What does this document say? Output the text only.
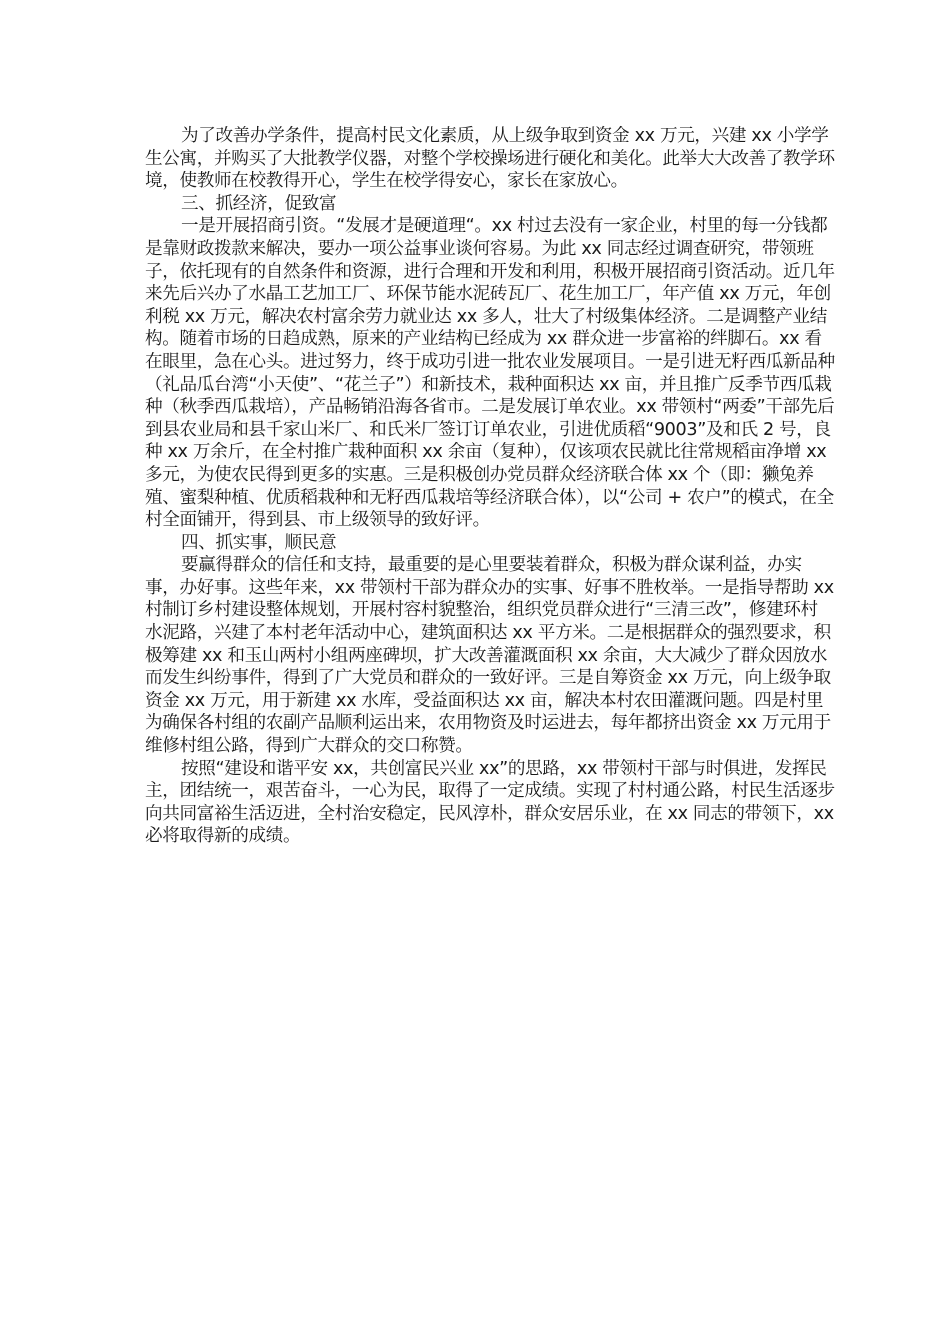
为了改善办学条件，提高村民文化素质，从上级争取到资金 xx 万元，兴建 xx 小学学生公寓，并购买了大批教学仪器，对整个学校操场进行硬化和美化。此举大大改善了教学环境，使教师在校教得开心，学生在校学得安心，家长在家放心。

三、抓经济，促致富

一是开展招商引资。“发展才是硬道理“。xx 村过去没有一家企业，村里的每一分钱都是靠财政拨款来解决，要办一项公益事业谈何容易。为此 xx 同志经过调查研究，带领班子，依托现有的自然条件和资源，进行合理和开发和利用，积极开展招商引资活动。近几年来先后兴办了水晶工艺加工厂、环保节能水泥砖瓦厂、花生加工厂，年产值 xx 万元，年创利税 xx 万元，解决农村富余劳力就业达 xx 多人，壮大了村级集体经济。二是调整产业结构。随着市场的日趋成熟，原来的产业结构已经成为 xx 群众进一步富裕的绊脚石。xx 看在眼里，急在心头。进过努力，终于成功引进一批农业发展项目。一是引进无籽西瓜新品种（礼品瓜台湾“小天使”、“花兰子”）和新技术，栽种面积达 xx 亩，并且推广反季节西瓜栽种（秋季西瓜栽培），产品畅销沿海各省市。二是发展订单农业。xx 带领村“两委”干部先后到县农业局和县千家山米厂、和氏米厂签订订单农业，引进优质稻“9003”及和氏 2 号，良种 xx 万余斤，在全村推广栽种面积 xx 余亩（复种），仅该项农民就比往常规稻亩净增 xx 多元，为使农民得到更多的实惠。三是积极创办党员群众经济联合体 xx 个（即：獭兔养殖、蜜梨种植、优质稻栽种和无籽西瓜栽培等经济联合体），以“公司 + 农户”的模式，在全村全面铺开，得到县、市上级领导的致好评。

四、抓实事，顺民意

要赢得群众的信任和支持，最重要的是心里要装着群众，积极为群众谋利益，办实事，办好事。这些年来，xx 带领村干部为群众办的实事、好事不胜枚举。一是指导帮助 xx 村制订乡村建设整体规划，开展村容村貌整治，组织党员群众进行“三清三改”，修建环村水泥路，兴建了本村老年活动中心，建筑面积达 xx 平方米。二是根据群众的强烈要求，积极筹建 xx 和玉山两村小组两座碑坝，扩大改善灌溉面积 xx 余亩，大大减少了群众因放水而发生纠纷事件，得到了广大党员和群众的一致好评。三是自筹资金 xx 万元，向上级争取资金 xx 万元，用于新建 xx 水库，受益面积达 xx 亩，解决本村农田灌溉问题。四是村里为确保各村组的农副产品顺利运出来，农用物资及时运进去，每年都挤出资金 xx 万元用于维修村组公路，得到广大群众的交口称赞。

按照“建设和谐平安 xx，共创富民兴业 xx”的思路，xx 带领村干部与时俱进，发挥民主，团结统一，艰苦奋斗，一心为民，取得了一定成绩。实现了村村通公路，村民生活逐步向共同富裕生活迈进，全村治安稳定，民风淳朴，群众安居乐业，在 xx 同志的带领下，xx 必将取得新的成绩。
